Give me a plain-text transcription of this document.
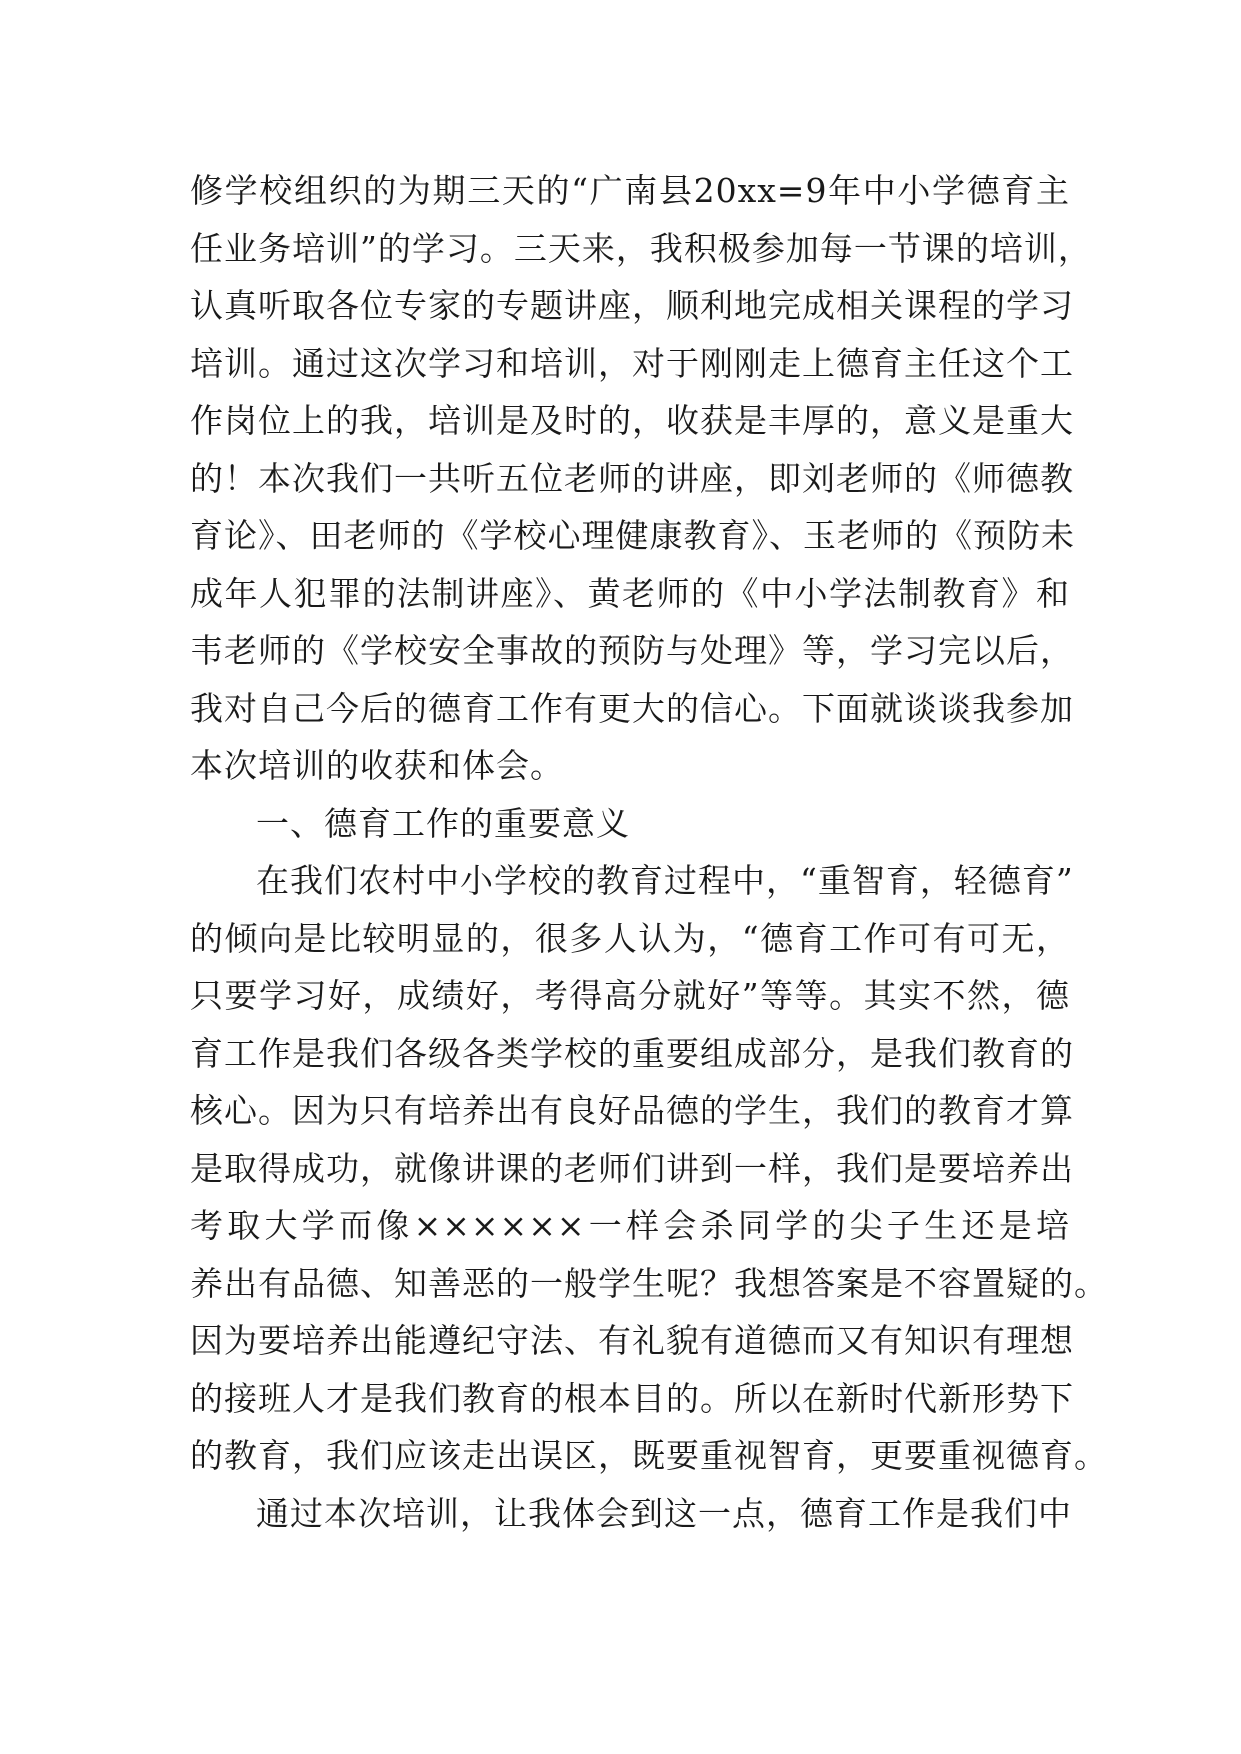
修学校组织的为期三天的“广南县20xx=9年中小学德育主
任业务培训”的学习。三天来，我积极参加每一节课的培训，
认真听取各位专家的专题讲座，顺利地完成相关课程的学习
培训。通过这次学习和培训，对于刚刚走上德育主任这个工
作岗位上的我，培训是及时的，收获是丰厚的，意义是重大
的！本次我们一共听五位老师的讲座，即刘老师的《师德教
育论》、田老师的《学校心理健康教育》、玉老师的《预防未
成年人犯罪的法制讲座》、黄老师的《中小学法制教育》和
韦老师的《学校安全事故的预防与处理》等，学习完以后，
我对自己今后的德育工作有更大的信心。下面就谈谈我参加
本次培训的收获和体会。
一、德育工作的重要意义
在我们农村中小学校的教育过程中，“重智育，轻德育”
的倾向是比较明显的，很多人认为，“德育工作可有可无，
只要学习好，成绩好，考得高分就好”等等。其实不然，德
育工作是我们各级各类学校的重要组成部分，是我们教育的
核心。因为只有培养出有良好品德的学生，我们的教育才算
是取得成功，就像讲课的老师们讲到一样，我们是要培养出
考取大学而像××××××一样会杀同学的尖子生还是培
养出有品德、知善恶的一般学生呢？我想答案是不容置疑的。
因为要培养出能遵纪守法、有礼貌有道德而又有知识有理想
的接班人才是我们教育的根本目的。所以在新时代新形势下
的教育，我们应该走出误区，既要重视智育，更要重视德育。
通过本次培训，让我体会到这一点，德育工作是我们中
